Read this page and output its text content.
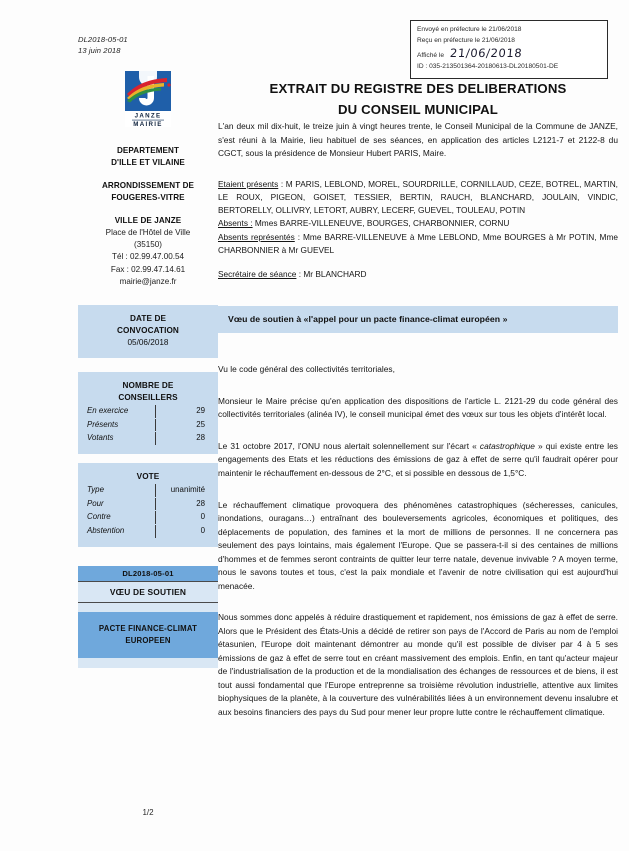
DL2018-05-01
13 juin 2018
Envoyé en préfecture le 21/06/2018
Reçu en préfecture le 21/06/2018
Affiché le 21/06/2018
ID : 035-213501364-20180613-DL20180501-DE
EXTRAIT DU REGISTRE DES DELIBERATIONS
DU CONSEIL MUNICIPAL
JANZE
MAIRIE
DEPARTEMENT
D'ILLE ET VILAINE
ARRONDISSEMENT DE
FOUGERES-VITRE
VILLE DE JANZE
Place de l'Hôtel de Ville
(35150)
Tél : 02.99.47.00.54
Fax : 02.99.47.14.61
mairie@janze.fr
DATE DE
CONVOCATION
05/06/2018
NOMBRE DE
CONSEILLERS
En exercice	29
Présents	25
Votants	28
VOTE
Type	unanimité
Pour	28
Contre	0
Abstention	0
DL2018-05-01
VŒU DE SOUTIEN
PACTE FINANCE-CLIMAT
EUROPEEN
1/2

L'an deux mil dix-huit, le treize juin à vingt heures trente, le Conseil Municipal de la Commune de JANZE, s'est réuni à la Mairie, lieu habituel de ses séances, en application des articles L2121-7 et 2122-8 du CGCT, sous la présidence de Monsieur Hubert PARIS, Maire.

Etaient présents : M PARIS, LEBLOND, MOREL, SOURDRILLE, CORNILLAUD, CEZE, BOTREL, MARTIN, LE ROUX, PIGEON, GOISET, TESSIER, BERTIN, RAUCH, BLANCHARD, JOULAIN, VINDIC, BERTORELLY, OLLIVRY, LETORT, AUBRY, LECERF, GUEVEL, TOULEAU, POTIN
Absents : Mmes BARRE-VILLENEUVE, BOURGES, CHARBONNIER, CORNU
Absents représentés : Mme BARRE-VILLENEUVE à Mme LEBLOND, Mme BOURGES à Mr POTIN, Mme CHARBONNIER à Mr GUEVEL
Secrétaire de séance : Mr BLANCHARD
Vœu de soutien à «l'appel pour un pacte finance-climat européen »

Vu le code général des collectivités territoriales,

Monsieur le Maire précise qu'en application des dispositions de l'article L. 2121-29 du code général des collectivités territoriales (alinéa IV), le conseil municipal émet des vœux sur tous les objets d'intérêt local.

Le 31 octobre 2017, l'ONU nous alertait solennellement sur l'écart « catastrophique » qui existe entre les engagements des Etats et les réductions des émissions de gaz à effet de serre qu'il faudrait opérer pour maintenir le réchauffement en-dessous de 2°C, et si possible en dessous de 1,5°C.

Le réchauffement climatique provoquera des phénomènes catastrophiques (sécheresses, canicules, inondations, ouragans…) entraînant des bouleversements agricoles, économiques et politiques, des déplacements de population, des famines et la mort de millions de personnes. Il ne concernera pas seulement des pays lointains, mais également l'Europe. Que se passera-t-il si des centaines de millions d'hommes et de femmes seront contraints de quitter leur terre natale, devenue invivable ? A moyen terme, nous le savons toutes et tous, c'est la paix mondiale et l'avenir de notre civilisation qui est aujourd'hui menacée.

Nous sommes donc appelés à réduire drastiquement et rapidement, nos émissions de gaz à effet de serre. Alors que le Président des États-Unis a décidé de retirer son pays de l'Accord de Paris au nom de l'emploi étasunien, l'Europe doit maintenant démontrer au monde qu'il est possible de diviser par 4 à 5 ses émissions de gaz à effet de serre tout en créant massivement des emplois. Enfin, en tant qu'acteur majeur de l'industrialisation de la production et de la mondialisation des échanges de ressources et de biens, il est tout aussi fondamental que l'Europe entreprenne sa troisième révolution industrielle, attentive aux limites biophysiques de la planète, à la couverture des vulnérabilités liées à un environnement devenu insalubre et aux besoins financiers des pays du Sud pour mener leur propre lutte contre le réchauffement climatique.
